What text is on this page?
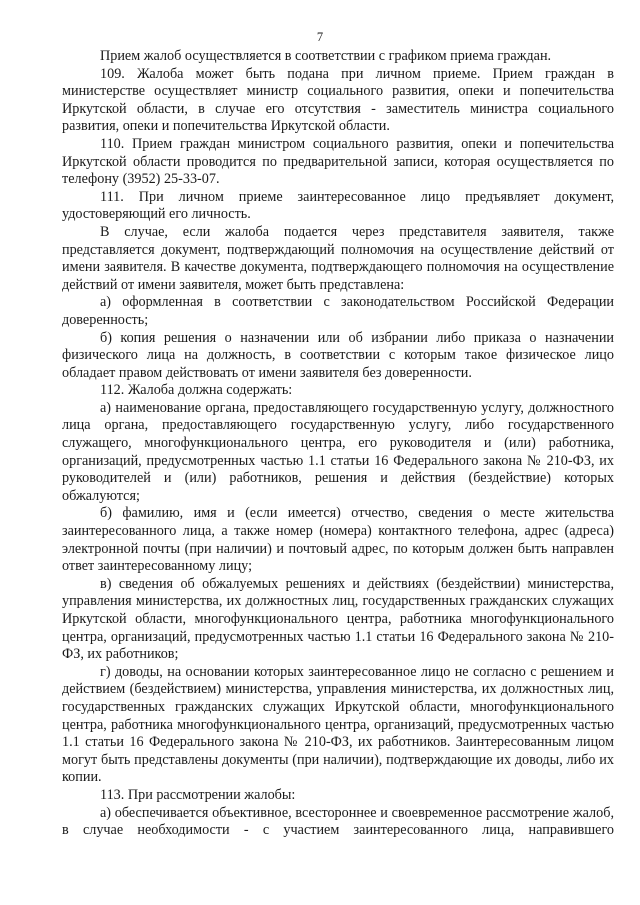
7

Прием жалоб осуществляется в соответствии с графиком приема граждан.

109. Жалоба может быть подана при личном приеме. Прием граждан в министерстве осуществляет министр социального развития, опеки и попечительства Иркутской области, в случае его отсутствия - заместитель министра социального развития, опеки и попечительства Иркутской области.

110. Прием граждан министром социального развития, опеки и попечительства Иркутской области проводится по предварительной записи, которая осуществляется по телефону (3952) 25-33-07.

111. При личном приеме заинтересованное лицо предъявляет документ, удостоверяющий его личность.

В случае, если жалоба подается через представителя заявителя, также представляется документ, подтверждающий полномочия на осуществление действий от имени заявителя. В качестве документа, подтверждающего полномочия на осуществление действий от имени заявителя, может быть представлена:

а) оформленная в соответствии с законодательством Российской Федерации доверенность;

б) копия решения о назначении или об избрании либо приказа о назначении физического лица на должность, в соответствии с которым такое физическое лицо обладает правом действовать от имени заявителя без доверенности.

112. Жалоба должна содержать:

а) наименование органа, предоставляющего государственную услугу, должностного лица органа, предоставляющего государственную услугу, либо государственного служащего, многофункционального центра, его руководителя и (или) работника, организаций, предусмотренных частью 1.1 статьи 16 Федерального закона № 210-ФЗ, их руководителей и (или) работников, решения и действия (бездействие) которых обжалуются;

б) фамилию, имя и (если имеется) отчество, сведения о месте жительства заинтересованного лица, а также номер (номера) контактного телефона, адрес (адреса) электронной почты (при наличии) и почтовый адрес, по которым должен быть направлен ответ заинтересованному лицу;

в) сведения об обжалуемых решениях и действиях (бездействии) министерства, управления министерства, их должностных лиц, государственных гражданских служащих Иркутской области, многофункционального центра, работника многофункционального центра, организаций, предусмотренных частью 1.1 статьи 16 Федерального закона № 210-ФЗ, их работников;

г) доводы, на основании которых заинтересованное лицо не согласно с решением и действием (бездействием) министерства, управления министерства, их должностных лиц, государственных гражданских служащих Иркутской области, многофункционального центра, работника многофункционального центра, организаций, предусмотренных частью 1.1 статьи 16 Федерального закона № 210-ФЗ, их работников. Заинтересованным лицом могут быть представлены документы (при наличии), подтверждающие их доводы, либо их копии.

113. При рассмотрении жалобы:

а) обеспечивается объективное, всестороннее и своевременное рассмотрение жалоб, в случае необходимости - с участием заинтересованного лица, направившего
